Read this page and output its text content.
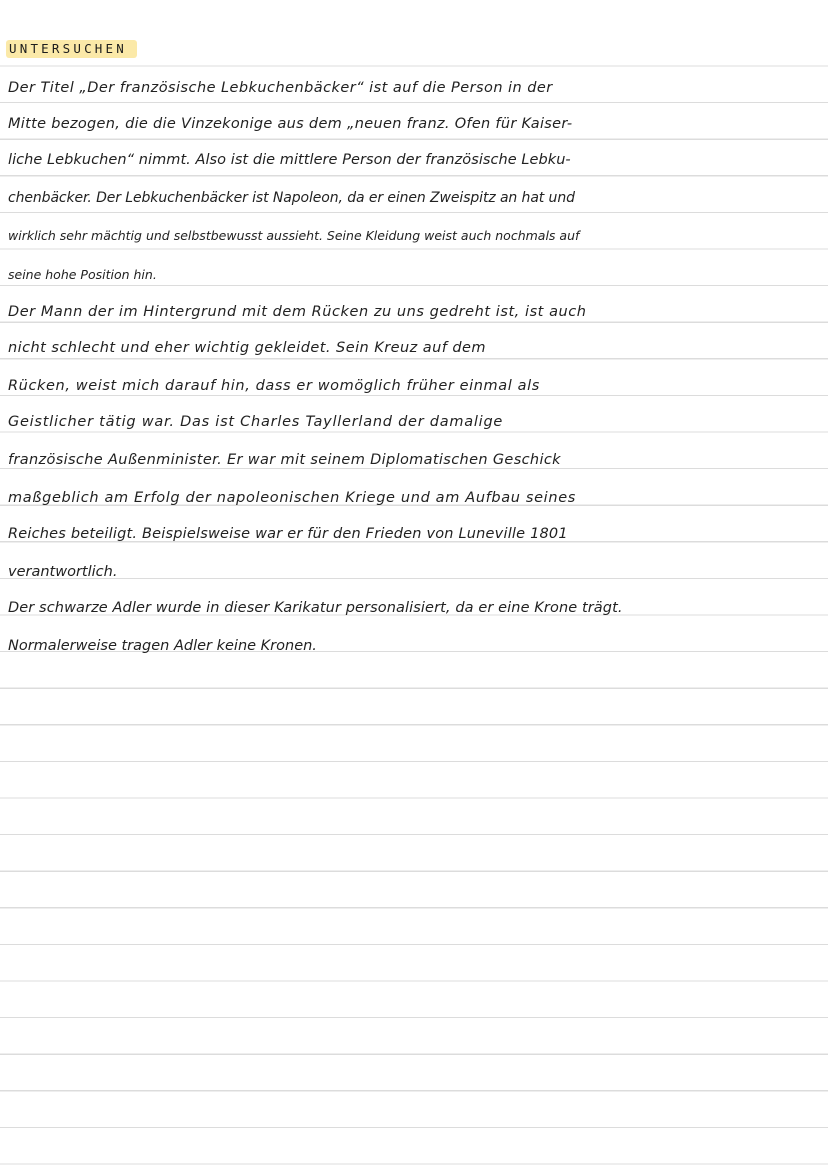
UNTERSUCHEN
Der Titel „Der französische Lebkuchenbäcker“ ist auf die Person in der
Mitte bezogen, die die Vinzekonige aus dem „neuen franz. Ofen für Kaiser-
liche Lebkuchen“ nimmt. Also ist die mittlere Person der französische Lebku-
chenbäcker. Der Lebkuchenbäcker ist Napoleon, da er einen Zweispitz an hat und
wirklich sehr mächtig und selbstbewusst aussieht. Seine Kleidung weist auch nochmals auf
seine hohe Position hin.
Der Mann der im Hintergrund mit dem Rücken zu uns gedreht ist, ist auch
nicht schlecht und eher wichtig gekleidet. Sein Kreuz auf dem
Rücken, weist mich darauf hin, dass er womöglich früher einmal als
Geistlicher tätig war. Das ist Charles Tayllerland der damalige
französische Außenminister. Er war mit seinem Diplomatischen Geschick
maßgeblich am Erfolg der napoleonischen Kriege und am Aufbau seines
Reiches beteiligt. Beispielsweise war er für den Frieden von Luneville 1801
verantwortlich.
Der schwarze Adler wurde in dieser Karikatur personalisiert, da er eine Krone trägt.
Normalerweise tragen Adler keine Kronen.
